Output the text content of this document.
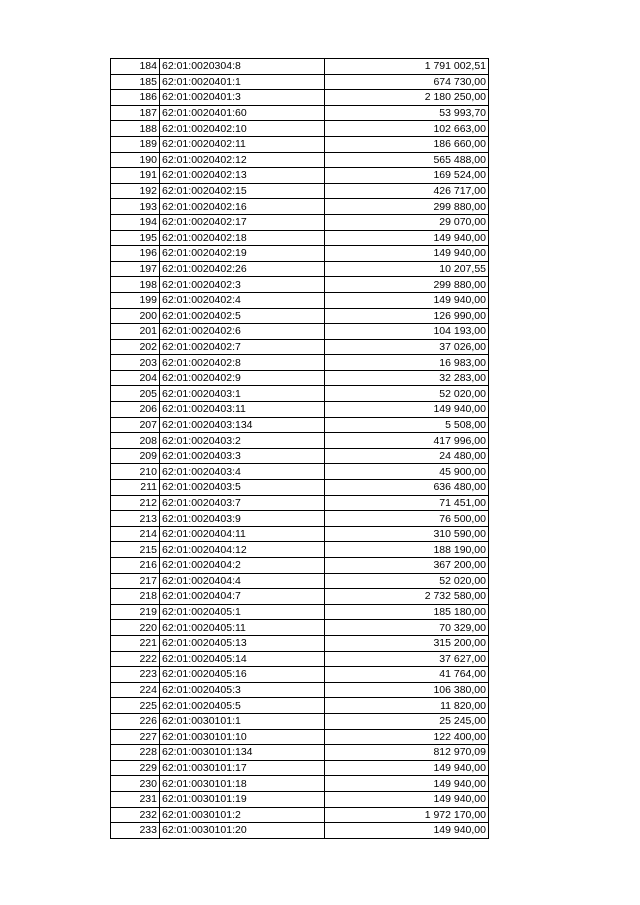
184	62:01:0020304:8	1 791 002,51
185	62:01:0020401:1	674 730,00
186	62:01:0020401:3	2 180 250,00
187	62:01:0020401:60	53 993,70
188	62:01:0020402:10	102 663,00
189	62:01:0020402:11	186 660,00
190	62:01:0020402:12	565 488,00
191	62:01:0020402:13	169 524,00
192	62:01:0020402:15	426 717,00
193	62:01:0020402:16	299 880,00
194	62:01:0020402:17	29 070,00
195	62:01:0020402:18	149 940,00
196	62:01:0020402:19	149 940,00
197	62:01:0020402:26	10 207,55
198	62:01:0020402:3	299 880,00
199	62:01:0020402:4	149 940,00
200	62:01:0020402:5	126 990,00
201	62:01:0020402:6	104 193,00
202	62:01:0020402:7	37 026,00
203	62:01:0020402:8	16 983,00
204	62:01:0020402:9	32 283,00
205	62:01:0020403:1	52 020,00
206	62:01:0020403:11	149 940,00
207	62:01:0020403:134	5 508,00
208	62:01:0020403:2	417 996,00
209	62:01:0020403:3	24 480,00
210	62:01:0020403:4	45 900,00
211	62:01:0020403:5	636 480,00
212	62:01:0020403:7	71 451,00
213	62:01:0020403:9	76 500,00
214	62:01:0020404:11	310 590,00
215	62:01:0020404:12	188 190,00
216	62:01:0020404:2	367 200,00
217	62:01:0020404:4	52 020,00
218	62:01:0020404:7	2 732 580,00
219	62:01:0020405:1	185 180,00
220	62:01:0020405:11	70 329,00
221	62:01:0020405:13	315 200,00
222	62:01:0020405:14	37 627,00
223	62:01:0020405:16	41 764,00
224	62:01:0020405:3	106 380,00
225	62:01:0020405:5	11 820,00
226	62:01:0030101:1	25 245,00
227	62:01:0030101:10	122 400,00
228	62:01:0030101:134	812 970,09
229	62:01:0030101:17	149 940,00
230	62:01:0030101:18	149 940,00
231	62:01:0030101:19	149 940,00
232	62:01:0030101:2	1 972 170,00
233	62:01:0030101:20	149 940,00
